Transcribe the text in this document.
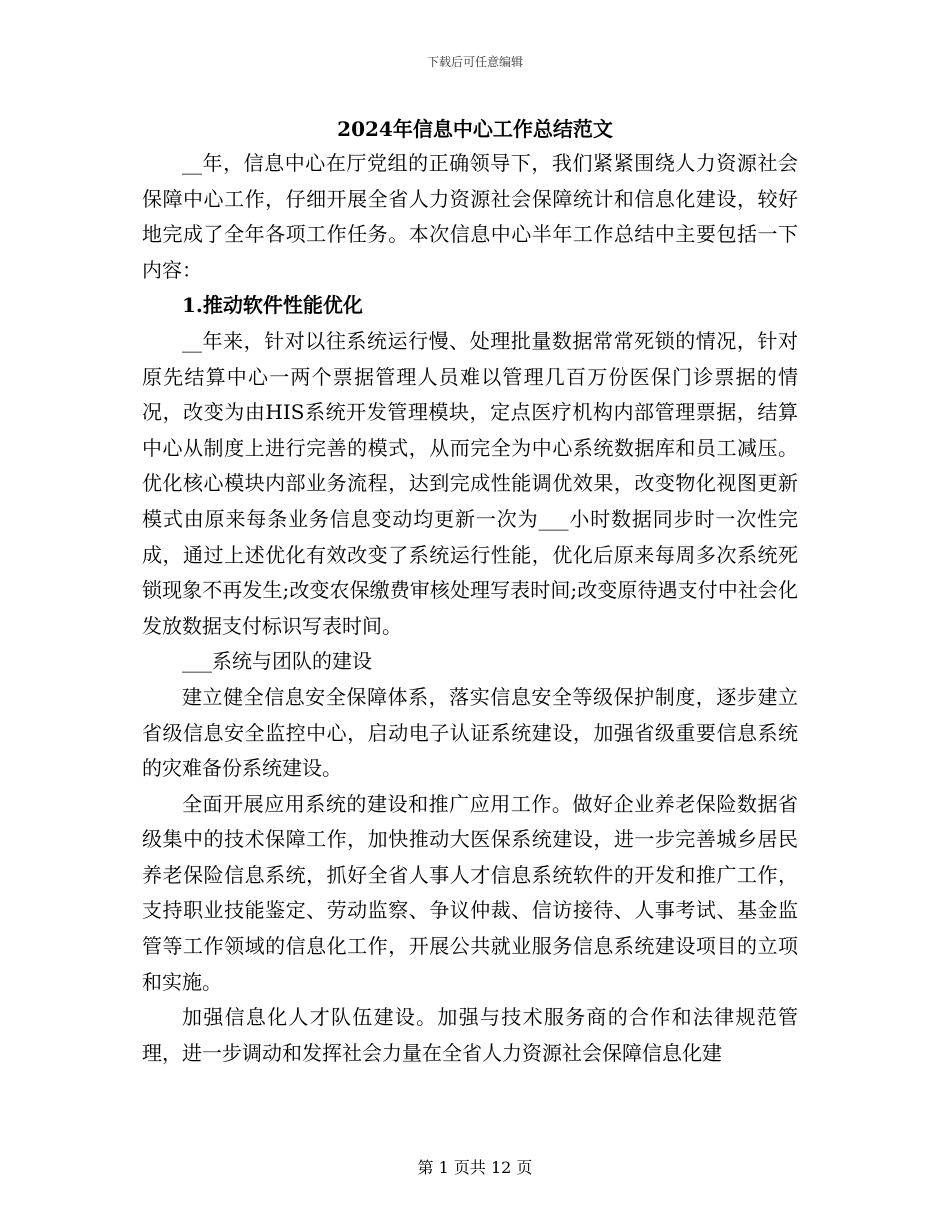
下载后可任意编辑
2024年信息中心工作总结范文

__年，信息中心在厅党组的正确领导下，我们紧紧围绕人力资源社会保障中心工作，仔细开展全省人力资源社会保障统计和信息化建设，较好地完成了全年各项工作任务。本次信息中心半年工作总结中主要包括一下内容：

1.推动软件性能优化

__年来，针对以往系统运行慢、处理批量数据常常死锁的情况，针对原先结算中心一两个票据管理人员难以管理几百万份医保门诊票据的情况，改变为由HIS系统开发管理模块，定点医疗机构内部管理票据，结算中心从制度上进行完善的模式，从而完全为中心系统数据库和员工减压。优化核心模块内部业务流程，达到完成性能调优效果，改变物化视图更新模式由原来每条业务信息变动均更新一次为___小时数据同步时一次性完成，通过上述优化有效改变了系统运行性能，优化后原来每周多次系统死锁现象不再发生;改变农保缴费审核处理写表时间;改变原待遇支付中社会化发放数据支付标识写表时间。

___系统与团队的建设

建立健全信息安全保障体系，落实信息安全等级保护制度，逐步建立省级信息安全监控中心，启动电子认证系统建设，加强省级重要信息系统的灾难备份系统建设。

全面开展应用系统的建设和推广应用工作。做好企业养老保险数据省级集中的技术保障工作，加快推动大医保系统建设，进一步完善城乡居民养老保险信息系统，抓好全省人事人才信息系统软件的开发和推广工作，支持职业技能鉴定、劳动监察、争议仲裁、信访接待、人事考试、基金监管等工作领域的信息化工作，开展公共就业服务信息系统建设项目的立项和实施。

加强信息化人才队伍建设。加强与技术服务商的合作和法律规范管理，进一步调动和发挥社会力量在全省人力资源社会保障信息化建

第 1 页共 12 页
